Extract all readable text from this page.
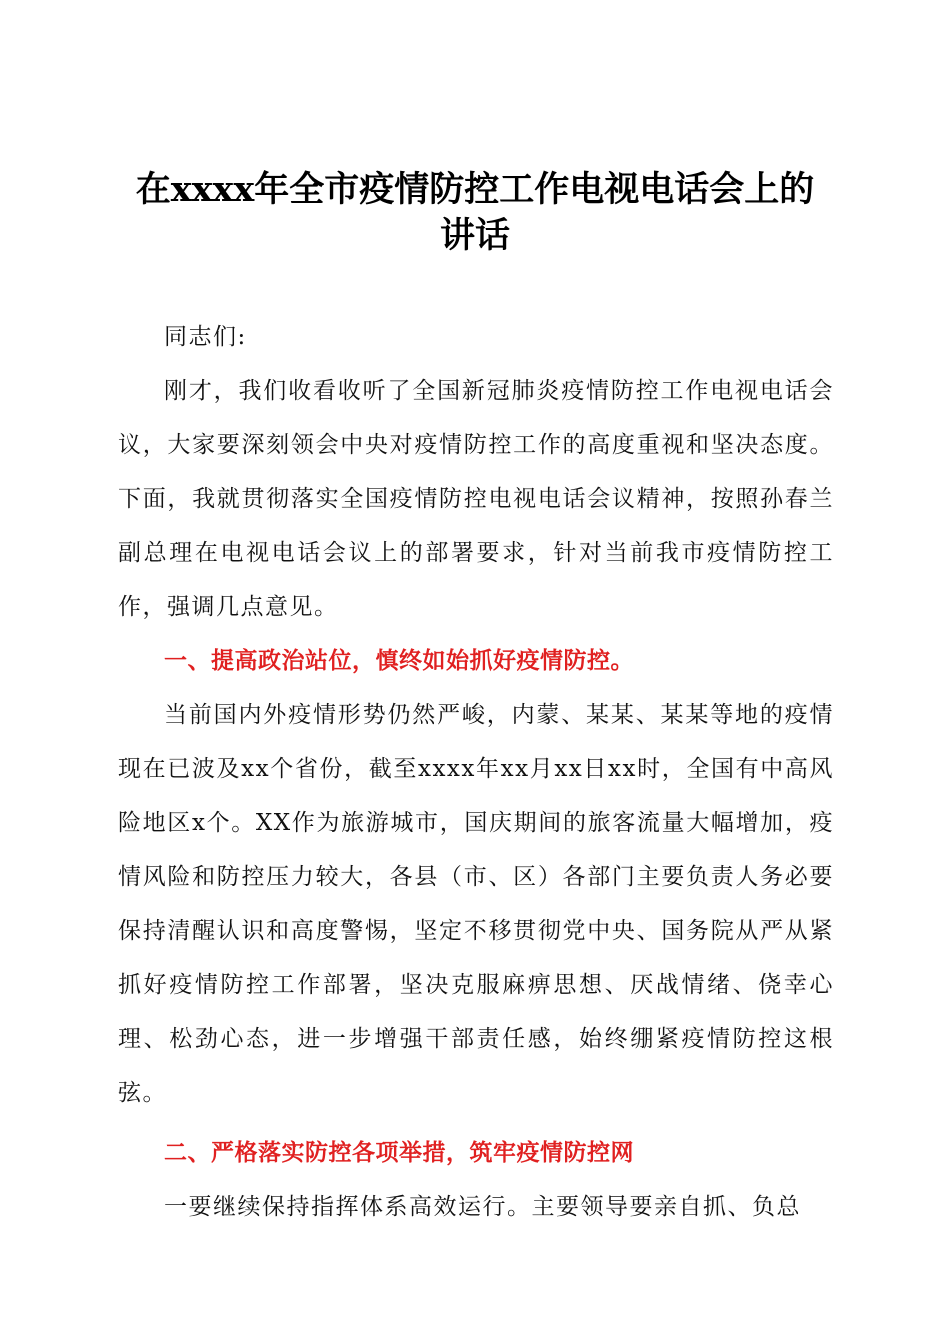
在xxxx年全市疫情防控工作电视电话会上的
讲话

同志们:

刚才，我们收看收听了全国新冠肺炎疫情防控工作电视电话会议，大家要深刻领会中央对疫情防控工作的高度重视和坚决态度。下面，我就贯彻落实全国疫情防控电视电话会议精神，按照孙春兰副总理在电视电话会议上的部署要求，针对当前我市疫情防控工作，强调几点意见。

一、提高政治站位，慎终如始抓好疫情防控。

当前国内外疫情形势仍然严峻，内蒙、某某、某某等地的疫情现在已波及xx个省份，截至xxxx年xx月xx日xx时，全国有中高风险地区x个。XX作为旅游城市，国庆期间的旅客流量大幅增加，疫情风险和防控压力较大，各县（市、区）各部门主要负责人务必要保持清醒认识和高度警惕，坚定不移贯彻党中央、国务院从严从紧抓好疫情防控工作部署，坚决克服麻痹思想、厌战情绪、侥幸心理、松劲心态，进一步增强干部责任感，始终绷紧疫情防控这根弦。

二、严格落实防控各项举措，筑牢疫情防控网

一要继续保持指挥体系高效运行。主要领导要亲自抓、负总
